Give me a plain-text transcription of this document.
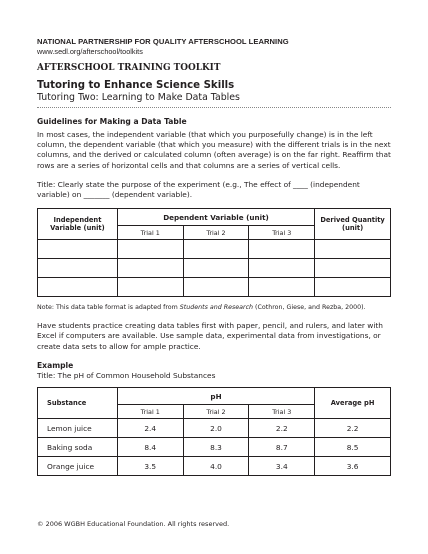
NATIONAL PARTNERSHIP FOR QUALITY AFTERSCHOOL LEARNING
www.sedl.org/afterschool/toolkits
AFTERSCHOOL TRAINING TOOLKIT
Tutoring to Enhance Science Skills
Tutoring Two: Learning to Make Data Tables
Guidelines for Making a Data Table
In most cases, the independent variable (that which you purposefully change) is in the left column, the dependent variable (that which you measure) with the different trials is in the next columns, and the derived or calculated column (often average) is on the far right. Reaffirm that rows are a series of horizontal cells and that columns are a series of vertical cells.
Title: Clearly state the purpose of the experiment (e.g., The effect of ____ (independent variable) on _______ (dependent variable).
Independent Variable (unit)	Dependent Variable (unit)			Derived Quantity (unit)
	Trial 1	Trial 2	Trial 3	

Note: This data table format is adapted from Students and Research (Cothron, Giese, and Rezba, 2000).
Have students practice creating data tables first with paper, pencil, and rulers, and later with Excel if computers are available. Use sample data, experimental data from investigations, or create data sets to allow for ample practice.
Example
Title: The pH of Common Household Substances
Substance	pH			Average pH
	Trial 1	Trial 2	Trial 3	
Lemon juice	2.4	2.0	2.2	2.2
Baking soda	8.4	8.3	8.7	8.5
Orange juice	3.5	4.0	3.4	3.6
© 2006 WGBH Educational Foundation. All rights reserved.
